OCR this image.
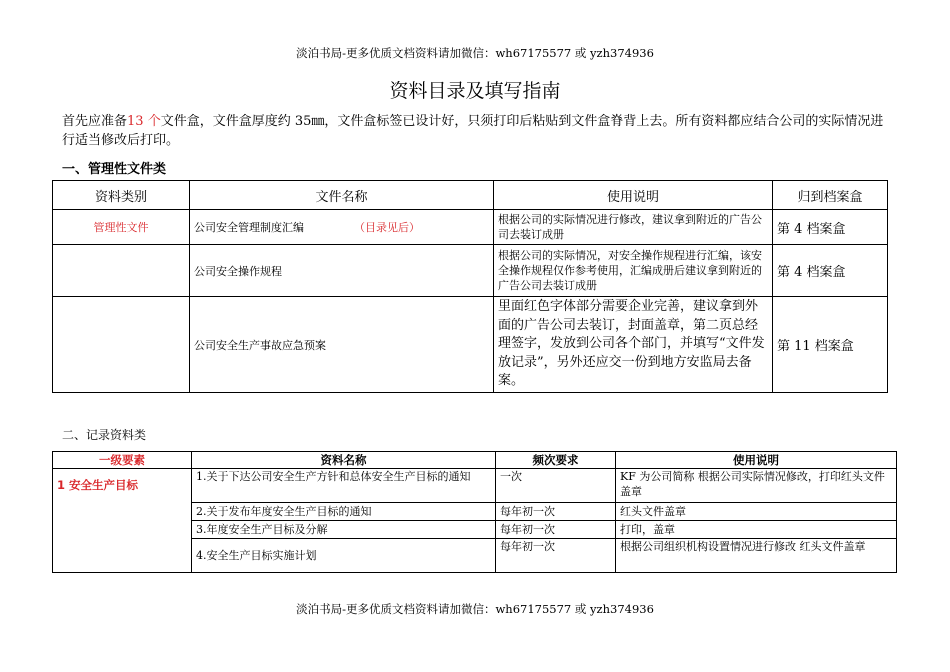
淡泊书局-更多优质文档资料请加微信：wh67175577 或 yzh374936
资料目录及填写指南
首先应准备13 个文件盒，文件盒厚度约 35㎜，文件盒标签已设计好，只须打印后粘贴到文件盒脊背上去。所有资料都应结合公司的实际情况进行适当修改后打印。
一、管理性文件类
资料类别	文件名称	使用说明	归到档案盒
管理性文件	公司安全管理制度汇编 （目录见后）	根据公司的实际情况进行修改，建议拿到附近的广告公司去装订成册	第 4 档案盒
	公司安全操作规程	根据公司的实际情况，对安全操作规程进行汇编，该安全操作规程仅作参考使用，汇编成册后建议拿到附近的广告公司去装订成册	第 4 档案盒
	公司安全生产事故应急预案	里面红色字体部分需要企业完善，建议拿到外面的广告公司去装订，封面盖章，第二页总经理签字，发放到公司各个部门，并填写“文件发放记录”，另外还应交一份到地方安监局去备案。	第 11 档案盒
二、记录资料类
一级要素	资料名称	频次要求	使用说明
1 安全生产目标	1.关于下达公司安全生产方针和总体安全生产目标的通知	一次	KF 为公司简称 根据公司实际情况修改，打印红头文件 盖章
	2.关于发布年度安全生产目标的通知	每年初一次	红头文件盖章
	3.年度安全生产目标及分解	每年初一次	打印，盖章
	4.安全生产目标实施计划	每年初一次	根据公司组织机构设置情况进行修改 红头文件盖章
淡泊书局-更多优质文档资料请加微信：wh67175577 或 yzh374936
